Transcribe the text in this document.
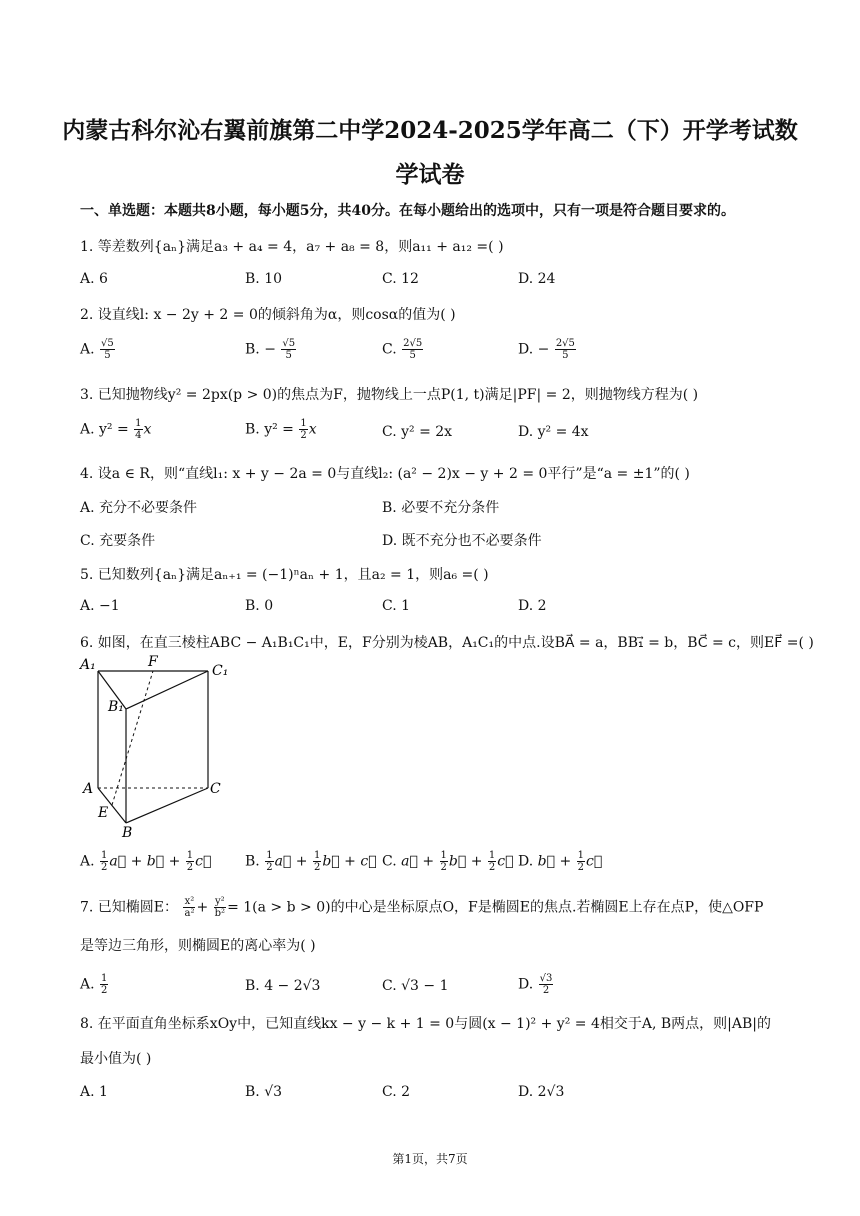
内蒙古科尔沁右翼前旗第二中学2024-2025学年高二（下）开学考试数
学试卷
一、单选题：本题共8小题，每小题5分，共40分。在每小题给出的选项中，只有一项是符合题目要求的。
1. 等差数列{aₙ}满足a₃ + a₄ = 4，a₇ + a₈ = 8，则a₁₁ + a₁₂ =( )
A. 6	B. 10	C. 12	D. 24
2. 设直线l: x − 2y + 2 = 0的倾斜角为α，则cosα的值为( )
A. $\frac{√5}{5}$	B. − $\frac{√5}{5}$	C. $\frac{2√5}{5}$	D. − $\frac{2√5}{5}$
3. 已知抛物线y² = 2px(p > 0)的焦点为F，抛物线上一点P(1, t)满足|PF| = 2，则抛物线方程为( )
A. $y^2 = \frac{1}{4}$ x	B. $y^2 = \frac{1}{2}$ x	C. y² = 2x	D. y² = 4x
4. 设a ∈ R，则“直线l₁: x + y − 2a = 0与直线l₂: (a² − 2)x − y + 2 = 0平行”是“a = ±1”的( )
A. 充分不必要条件	B. 必要不充分条件
C. 充要条件	D. 既不充分也不必要条件
5. 已知数列{aₙ}满足aₙ₊₁ = (−1)ⁿaₙ + 1，且a₂ = 1，则a₆ =( )
A. −1	B. 0	C. 1	D. 2
6. 如图，在直三棱柱ABC − A₁B₁C₁中，E，F分别为棱AB，A₁C₁的中点.设BA⃗ = a，BB₁⃗ = b，BC⃗ = c，则EF⃗ =( )
A₁	F
C₁
B₁
A	C
E
B
A. $\frac{1}{2}$ a⃗ + b⃗ + $\frac{1}{2}$ c⃗ B. $\frac{1}{2}$ a⃗ + $\frac{1}{2}$ b⃗ + c⃗ C. a⃗ + $\frac{1}{2}$ b⃗ + $\frac{1}{2}$ c⃗ D. b⃗ + $\frac{1}{2}$ c⃗
7. 已知椭圆E： $\frac{\text{x²}}{\text{a²}} + \frac{\text{y²}}{\text{b²}} = 1(a > b > 0)$的中心是坐标原点O，F是椭圆E的焦点.若椭圆E上存在点P，使△OFP
是等边三角形，则椭圆E的离心率为( )
A. $\frac{1}{2}$	B. 4 − 2√3	C. √3 − 1	D. $\frac{√3}{2}$
8. 在平面直角坐标系xOy中，已知直线kx − y − k + 1 = 0与圆(x − 1)² + y² = 4相交于A, B两点，则|AB|的
最小值为( )
A. 1	B. √3	C. 2	D. 2√3
第1页，共7页
